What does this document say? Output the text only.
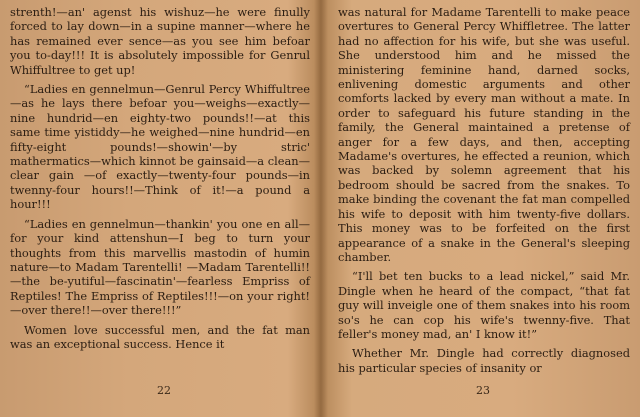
strenth!—an' agenst his wishuz—he were finully forced to lay down—in a supine manner—where he has remained ever sence—as you see him befoar you to-day!!! It is absolutely impossible for Genrul Whiffultree to get up!

“Ladies en gennelmun—Genrul Percy Whiffultree—as he lays there befoar you—weighs—exactly—nine hundrid—en eighty-two pounds!!—at this same time yistiddy—he weighed—nine hundrid—en fifty-eight pounds!—showin'—by stric' mathermatics—which kinnot be gainsaid—a clean—clear gain —of exactly—twenty-four pounds—in twenny-four hours!!—Think of it!—a pound a hour!!!

“Ladies en gennelmun—thankin' you one en all—for your kind attenshun—I beg to turn your thoughts from this marvellis mastodin of humin nature—to Madam Tarentelli! —Madam Tarentelli!!—the be-yutiful—fascinatin'—fearless Empriss of Reptiles! The Empriss of Reptiles!!!—on your right!—over there!!—over there!!!”

Women love successful men, and the fat man was an exceptional success. Hence it

22

was natural for Madame Tarentelli to make peace overtures to General Percy Whiffletree. The latter had no affection for his wife, but she was useful. She understood him and he missed the ministering feminine hand, darned socks, enlivening domestic arguments and other comforts lacked by every man without a mate. In order to safeguard his future standing in the family, the General maintained a pretense of anger for a few days, and then, accepting Madame's overtures, he effected a reunion, which was backed by solemn agreement that his bedroom should be sacred from the snakes. To make binding the covenant the fat man compelled his wife to deposit with him twenty-five dollars. This money was to be forfeited on the first appearance of a snake in the General's sleeping chamber.

“I'll bet ten bucks to a lead nickel,” said Mr. Dingle when he heard of the compact, “that fat guy will inveigle one of them snakes into his room so's he can cop his wife's twenny-five. That feller's money mad, an' I know it!”

Whether Mr. Dingle had correctly diagnosed his particular species of insanity or

23
